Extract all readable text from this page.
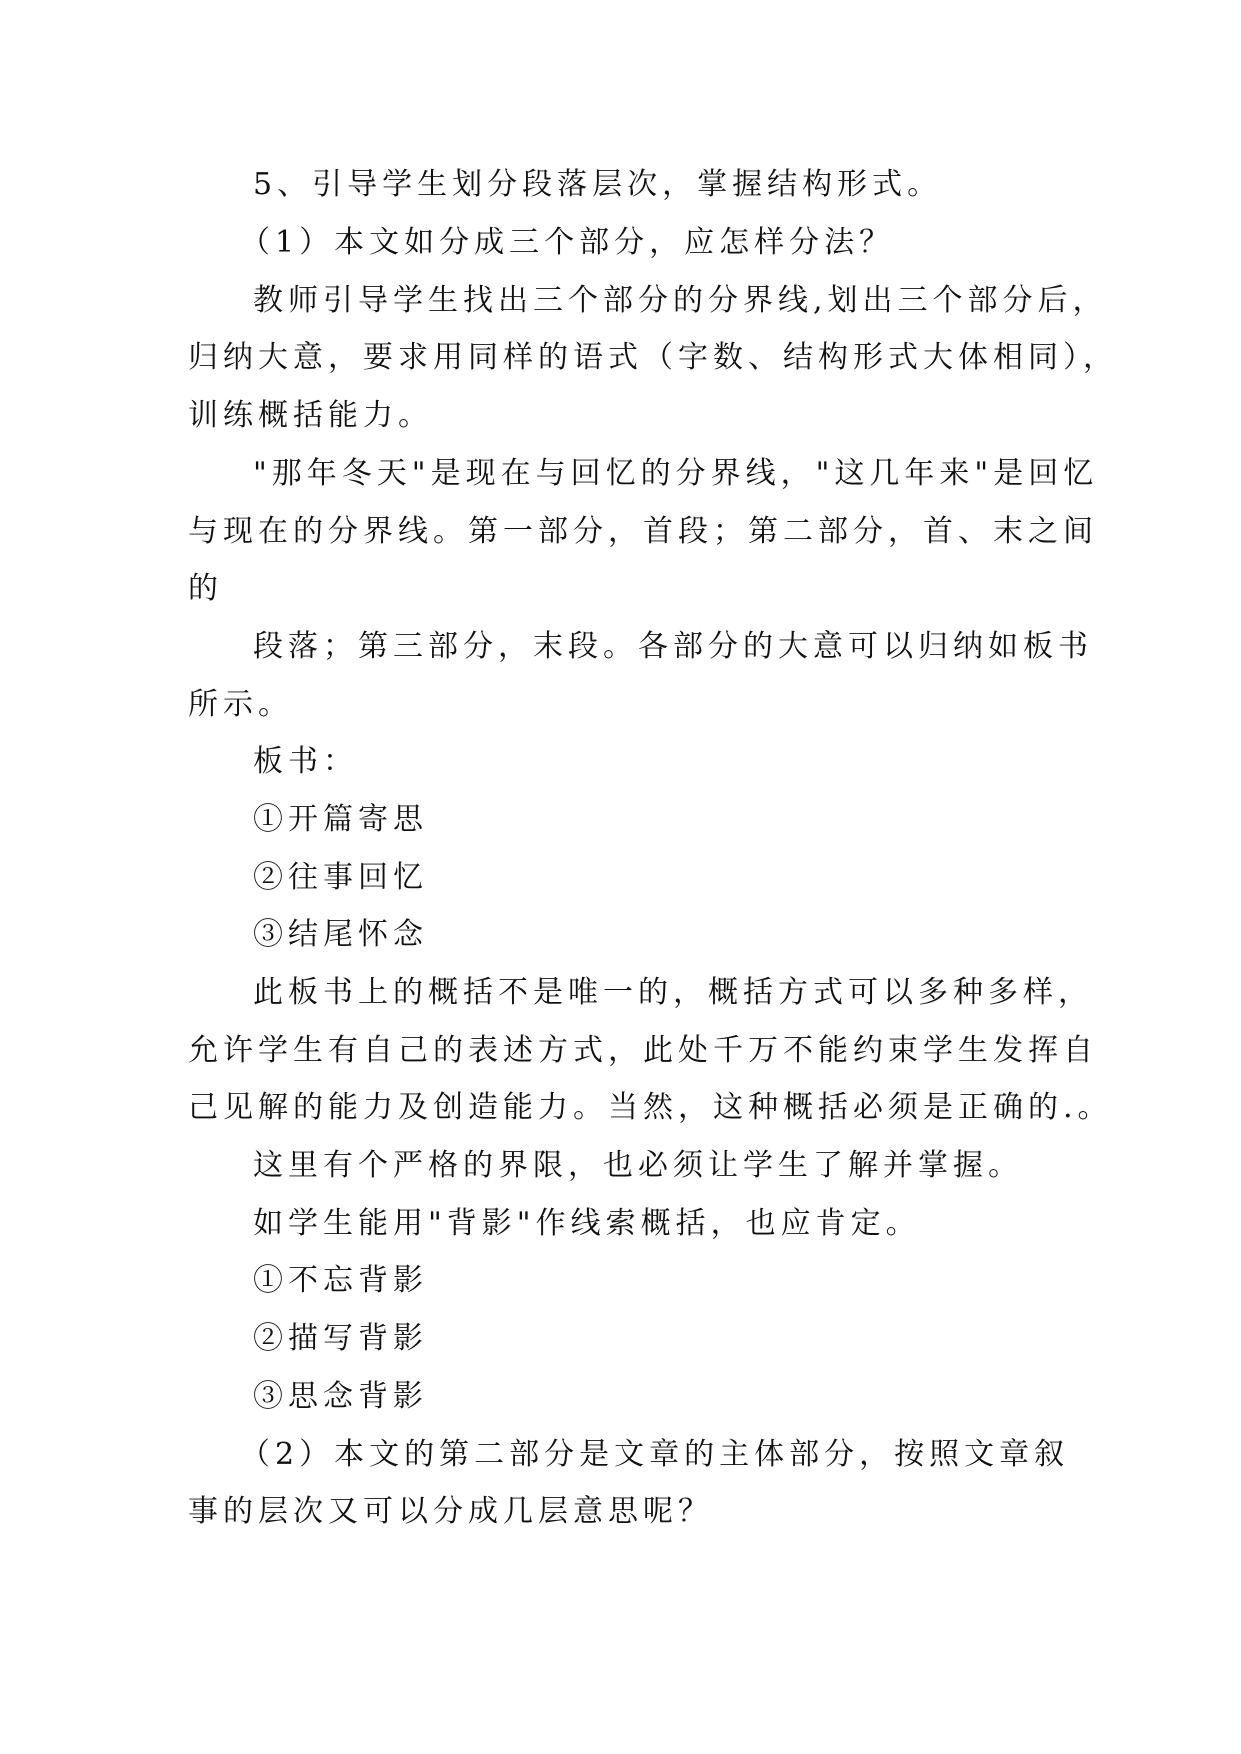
5、引导学生划分段落层次，掌握结构形式。
（1）本文如分成三个部分，应怎样分法？
教师引导学生找出三个部分的分界线,划出三个部分后，
归纳大意，要求用同样的语式（字数、结构形式大体相同），
训练概括能力。
"那年冬天"是现在与回忆的分界线，"这几年来"是回忆
与现在的分界线。第一部分，首段；第二部分，首、末之间
的
段落；第三部分，末段。各部分的大意可以归纳如板书
所示。
板书：
①开篇寄思
②往事回忆
③结尾怀念
此板书上的概括不是唯一的，概括方式可以多种多样，
允许学生有自己的表述方式，此处千万不能约束学生发挥自
己见解的能力及创造能力。当然，这种概括必须是正确的.。
这里有个严格的界限，也必须让学生了解并掌握。
如学生能用"背影"作线索概括，也应肯定。
①不忘背影
②描写背影
③思念背影
（2）本文的第二部分是文章的主体部分，按照文章叙
事的层次又可以分成几层意思呢？
